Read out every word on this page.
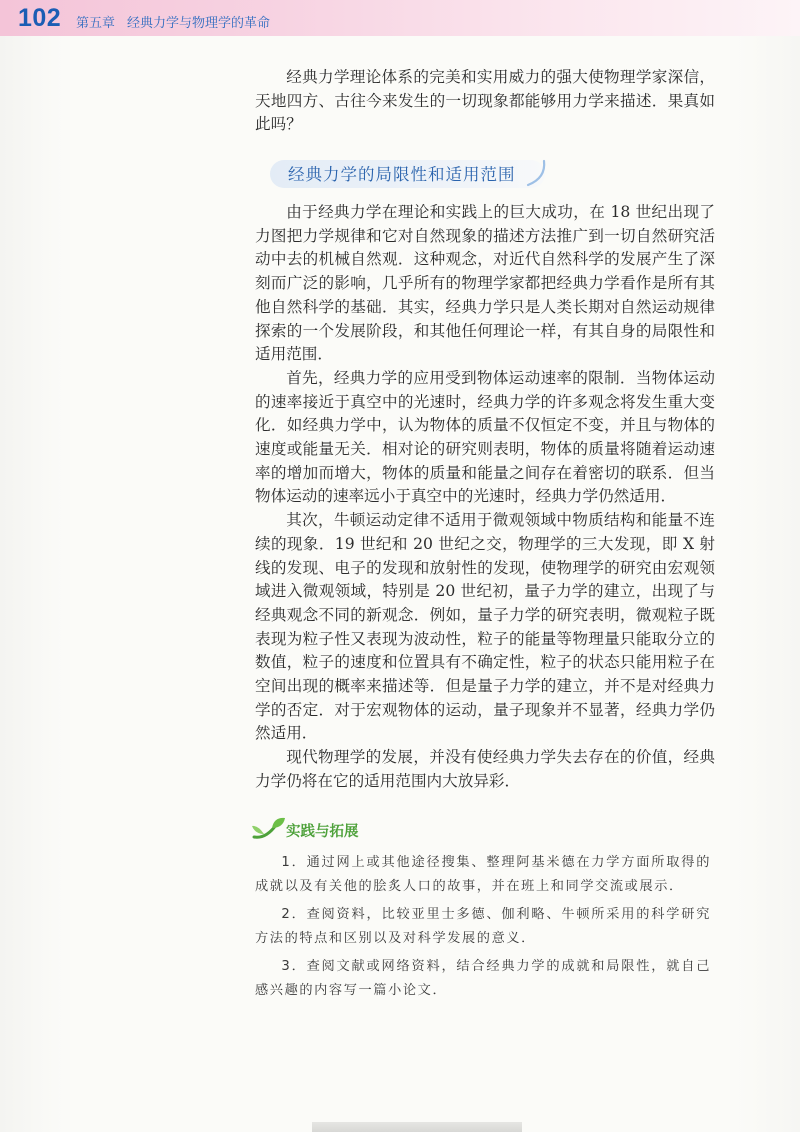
102 第五章 经典力学与物理学的革命

经典力学理论体系的完美和实用威力的强大使物理学家深信，天地四方、古往今来发生的一切现象都能够用力学来描述．果真如此吗？

经典力学的局限性和适用范围

由于经典力学在理论和实践上的巨大成功，在 18 世纪出现了力图把力学规律和它对自然现象的描述方法推广到一切自然研究活动中去的机械自然观．这种观念，对近代自然科学的发展产生了深刻而广泛的影响，几乎所有的物理学家都把经典力学看作是所有其他自然科学的基础．其实，经典力学只是人类长期对自然运动规律探索的一个发展阶段，和其他任何理论一样，有其自身的局限性和适用范围．

首先，经典力学的应用受到物体运动速率的限制．当物体运动的速率接近于真空中的光速时，经典力学的许多观念将发生重大变化．如经典力学中，认为物体的质量不仅恒定不变，并且与物体的速度或能量无关．相对论的研究则表明，物体的质量将随着运动速率的增加而增大，物体的质量和能量之间存在着密切的联系．但当物体运动的速率远小于真空中的光速时，经典力学仍然适用．

其次，牛顿运动定律不适用于微观领域中物质结构和能量不连续的现象．19 世纪和 20 世纪之交，物理学的三大发现，即 X 射线的发现、电子的发现和放射性的发现，使物理学的研究由宏观领域进入微观领域，特别是 20 世纪初，量子力学的建立，出现了与经典观念不同的新观念．例如，量子力学的研究表明，微观粒子既表现为粒子性又表现为波动性，粒子的能量等物理量只能取分立的数值，粒子的速度和位置具有不确定性，粒子的状态只能用粒子在空间出现的概率来描述等．但是量子力学的建立，并不是对经典力学的否定．对于宏观物体的运动，量子现象并不显著，经典力学仍然适用．

现代物理学的发展，并没有使经典力学失去存在的价值，经典力学仍将在它的适用范围内大放异彩．

实践与拓展

1．通过网上或其他途径搜集、整理阿基米德在力学方面所取得的成就以及有关他的脍炙人口的故事，并在班上和同学交流或展示．

2．查阅资料，比较亚里士多德、伽利略、牛顿所采用的科学研究方法的特点和区别以及对科学发展的意义．

3．查阅文献或网络资料，结合经典力学的成就和局限性，就自己感兴趣的内容写一篇小论文．
